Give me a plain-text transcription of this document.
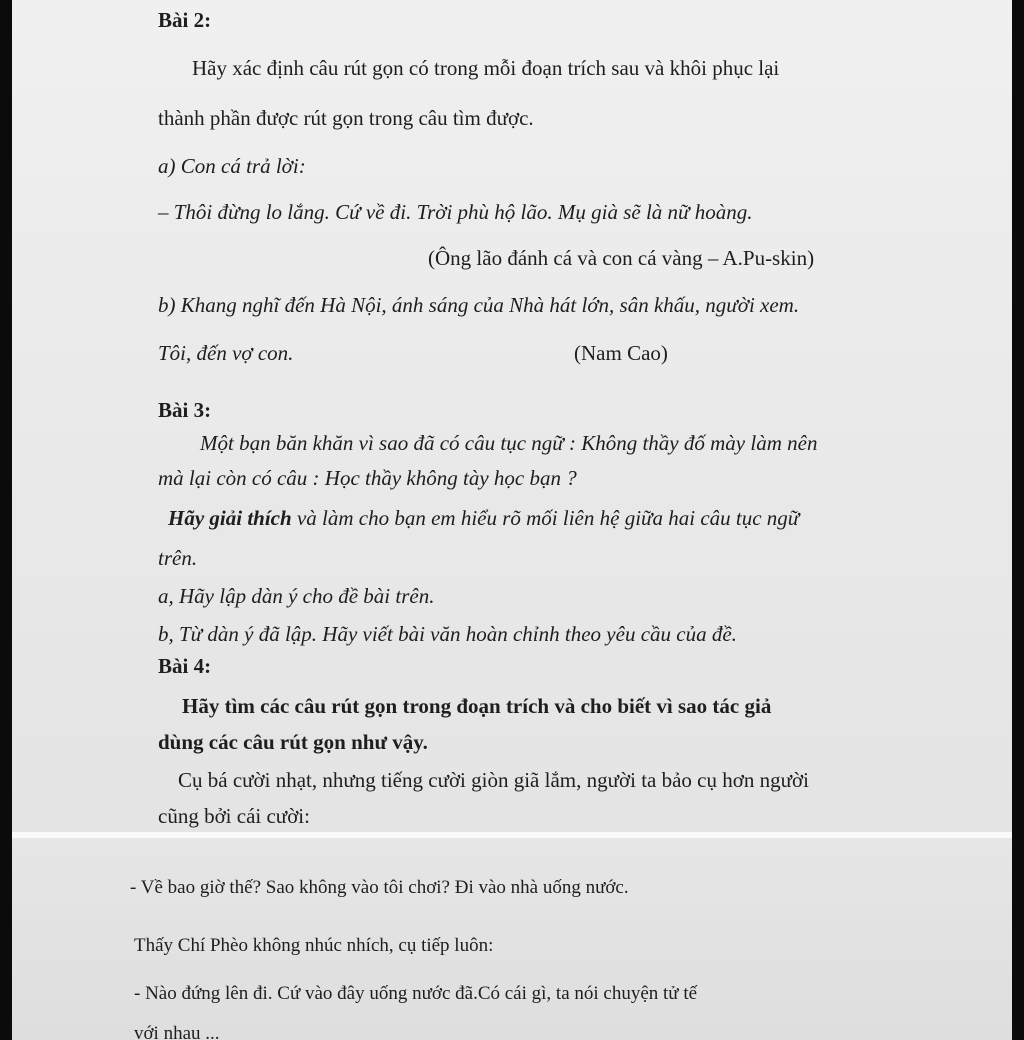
Bài 2:
Hãy xác định câu rút gọn có trong mỗi đoạn trích sau và khôi phục lại
thành phần được rút gọn trong câu tìm được.
a) Con cá trả lời:
– Thôi đừng lo lắng. Cứ về đi. Trời phù hộ lão. Mụ già sẽ là nữ hoàng.
(Ông lão đánh cá và con cá vàng – A.Pu-skin)
b) Khang nghĩ đến Hà Nội, ánh sáng của Nhà hát lớn, sân khấu, người xem.
Tôi, đến vợ con.	(Nam Cao)
Bài 3:
Một bạn băn khăn vì sao đã có câu tục ngữ : Không thầy đố mày làm nên
mà lại còn có câu : Học thầy không tày học bạn ?
Hãy giải thích và làm cho bạn em hiểu rõ mối liên hệ giữa hai câu tục ngữ
trên.
a, Hãy lập dàn ý cho đề bài trên.
b, Từ dàn ý đã lập. Hãy viết bài văn hoàn chỉnh theo yêu cầu của đề.
Bài 4:
Hãy tìm các câu rút gọn trong đoạn trích và cho biết vì sao tác giả
dùng các câu rút gọn như vậy.
Cụ bá cười nhạt, nhưng tiếng cười giòn giã lắm, người ta bảo cụ hơn người
cũng bởi cái cười:
- Về bao giờ thế? Sao không vào tôi chơi? Đi vào nhà uống nước.
Thấy Chí Phèo không nhúc nhích, cụ tiếp luôn:
- Nào đứng lên đi. Cứ vào đây uống nước đã.Có cái gì, ta nói chuyện tử tế
với nhau ...
